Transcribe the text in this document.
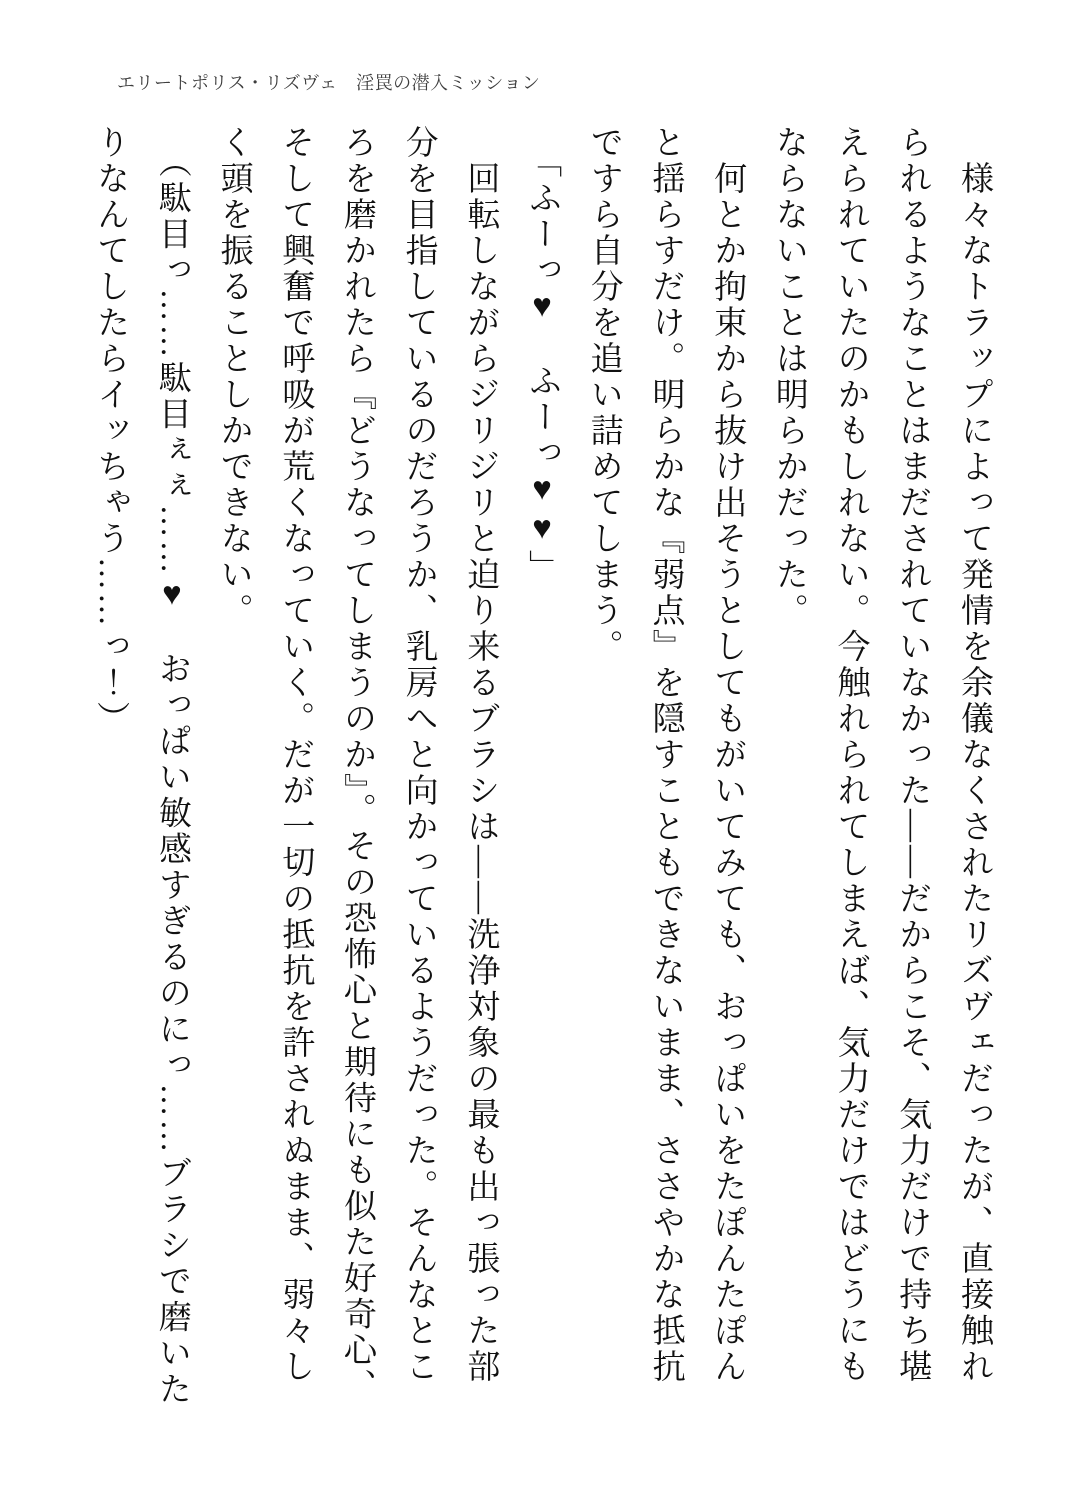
エリートポリス・リズヴェ　淫罠の潜入ミッション

　様々なトラップによって発情を余儀なくされたリズヴェだったが、直接触れ
られるようなことはまだされていなかった――だからこそ、気力だけで持ち堪
えられていたのかもしれない。今触れられてしまえば、気力だけではどうにも
ならないことは明らかだった。
　何とか拘束から抜け出そうとしてもがいてみても、おっぱいをたぽんたぽん
と揺らすだけ。明らかな『弱点』を隠すこともできないまま、ささやかな抵抗
ですら自分を追い詰めてしまう。
　「ふーっ♥　ふーっ♥♥」
　回転しながらジリジリと迫り来るブラシは――洗浄対象の最も出っ張った部
分を目指しているのだろうか、乳房へと向かっているようだった。そんなとこ
ろを磨かれたら『どうなってしまうのか』。その恐怖心と期待にも似た好奇心、
そして興奮で呼吸が荒くなっていく。だが一切の抵抗を許されぬまま、弱々し
く頭を振ることしかできない。
　（駄目っ……駄目ぇぇ……♥　おっぱい敏感すぎるのにっ……ブラシで磨いた
りなんてしたらイッちゃう……っ！）
